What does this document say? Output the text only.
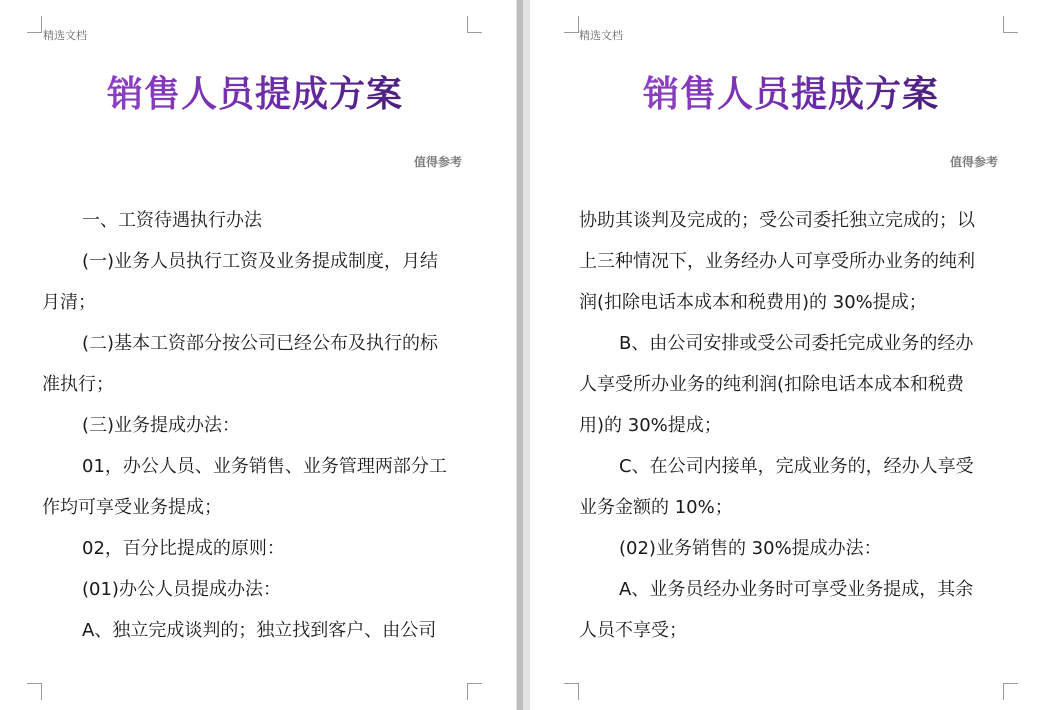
精选文档
销售人员提成方案
值得参考
一、工资待遇执行办法
(一)业务人员执行工资及业务提成制度，月结
月清；
(二)基本工资部分按公司已经公布及执行的标
准执行；
(三)业务提成办法：
01，办公人员、业务销售、业务管理两部分工
作均可享受业务提成；
02，百分比提成的原则：
(01)办公人员提成办法：
A、独立完成谈判的；独立找到客户、由公司
精选文档
销售人员提成方案
值得参考
协助其谈判及完成的；受公司委托独立完成的；以
上三种情况下，业务经办人可享受所办业务的纯利
润(扣除电话本成本和税费用)的 30%提成；
B、由公司安排或受公司委托完成业务的经办
人享受所办业务的纯利润(扣除电话本成本和税费
用)的 30%提成；
C、在公司内接单，完成业务的，经办人享受
业务金额的 10%；
(02)业务销售的 30%提成办法：
A、业务员经办业务时可享受业务提成，其余
人员不享受；
